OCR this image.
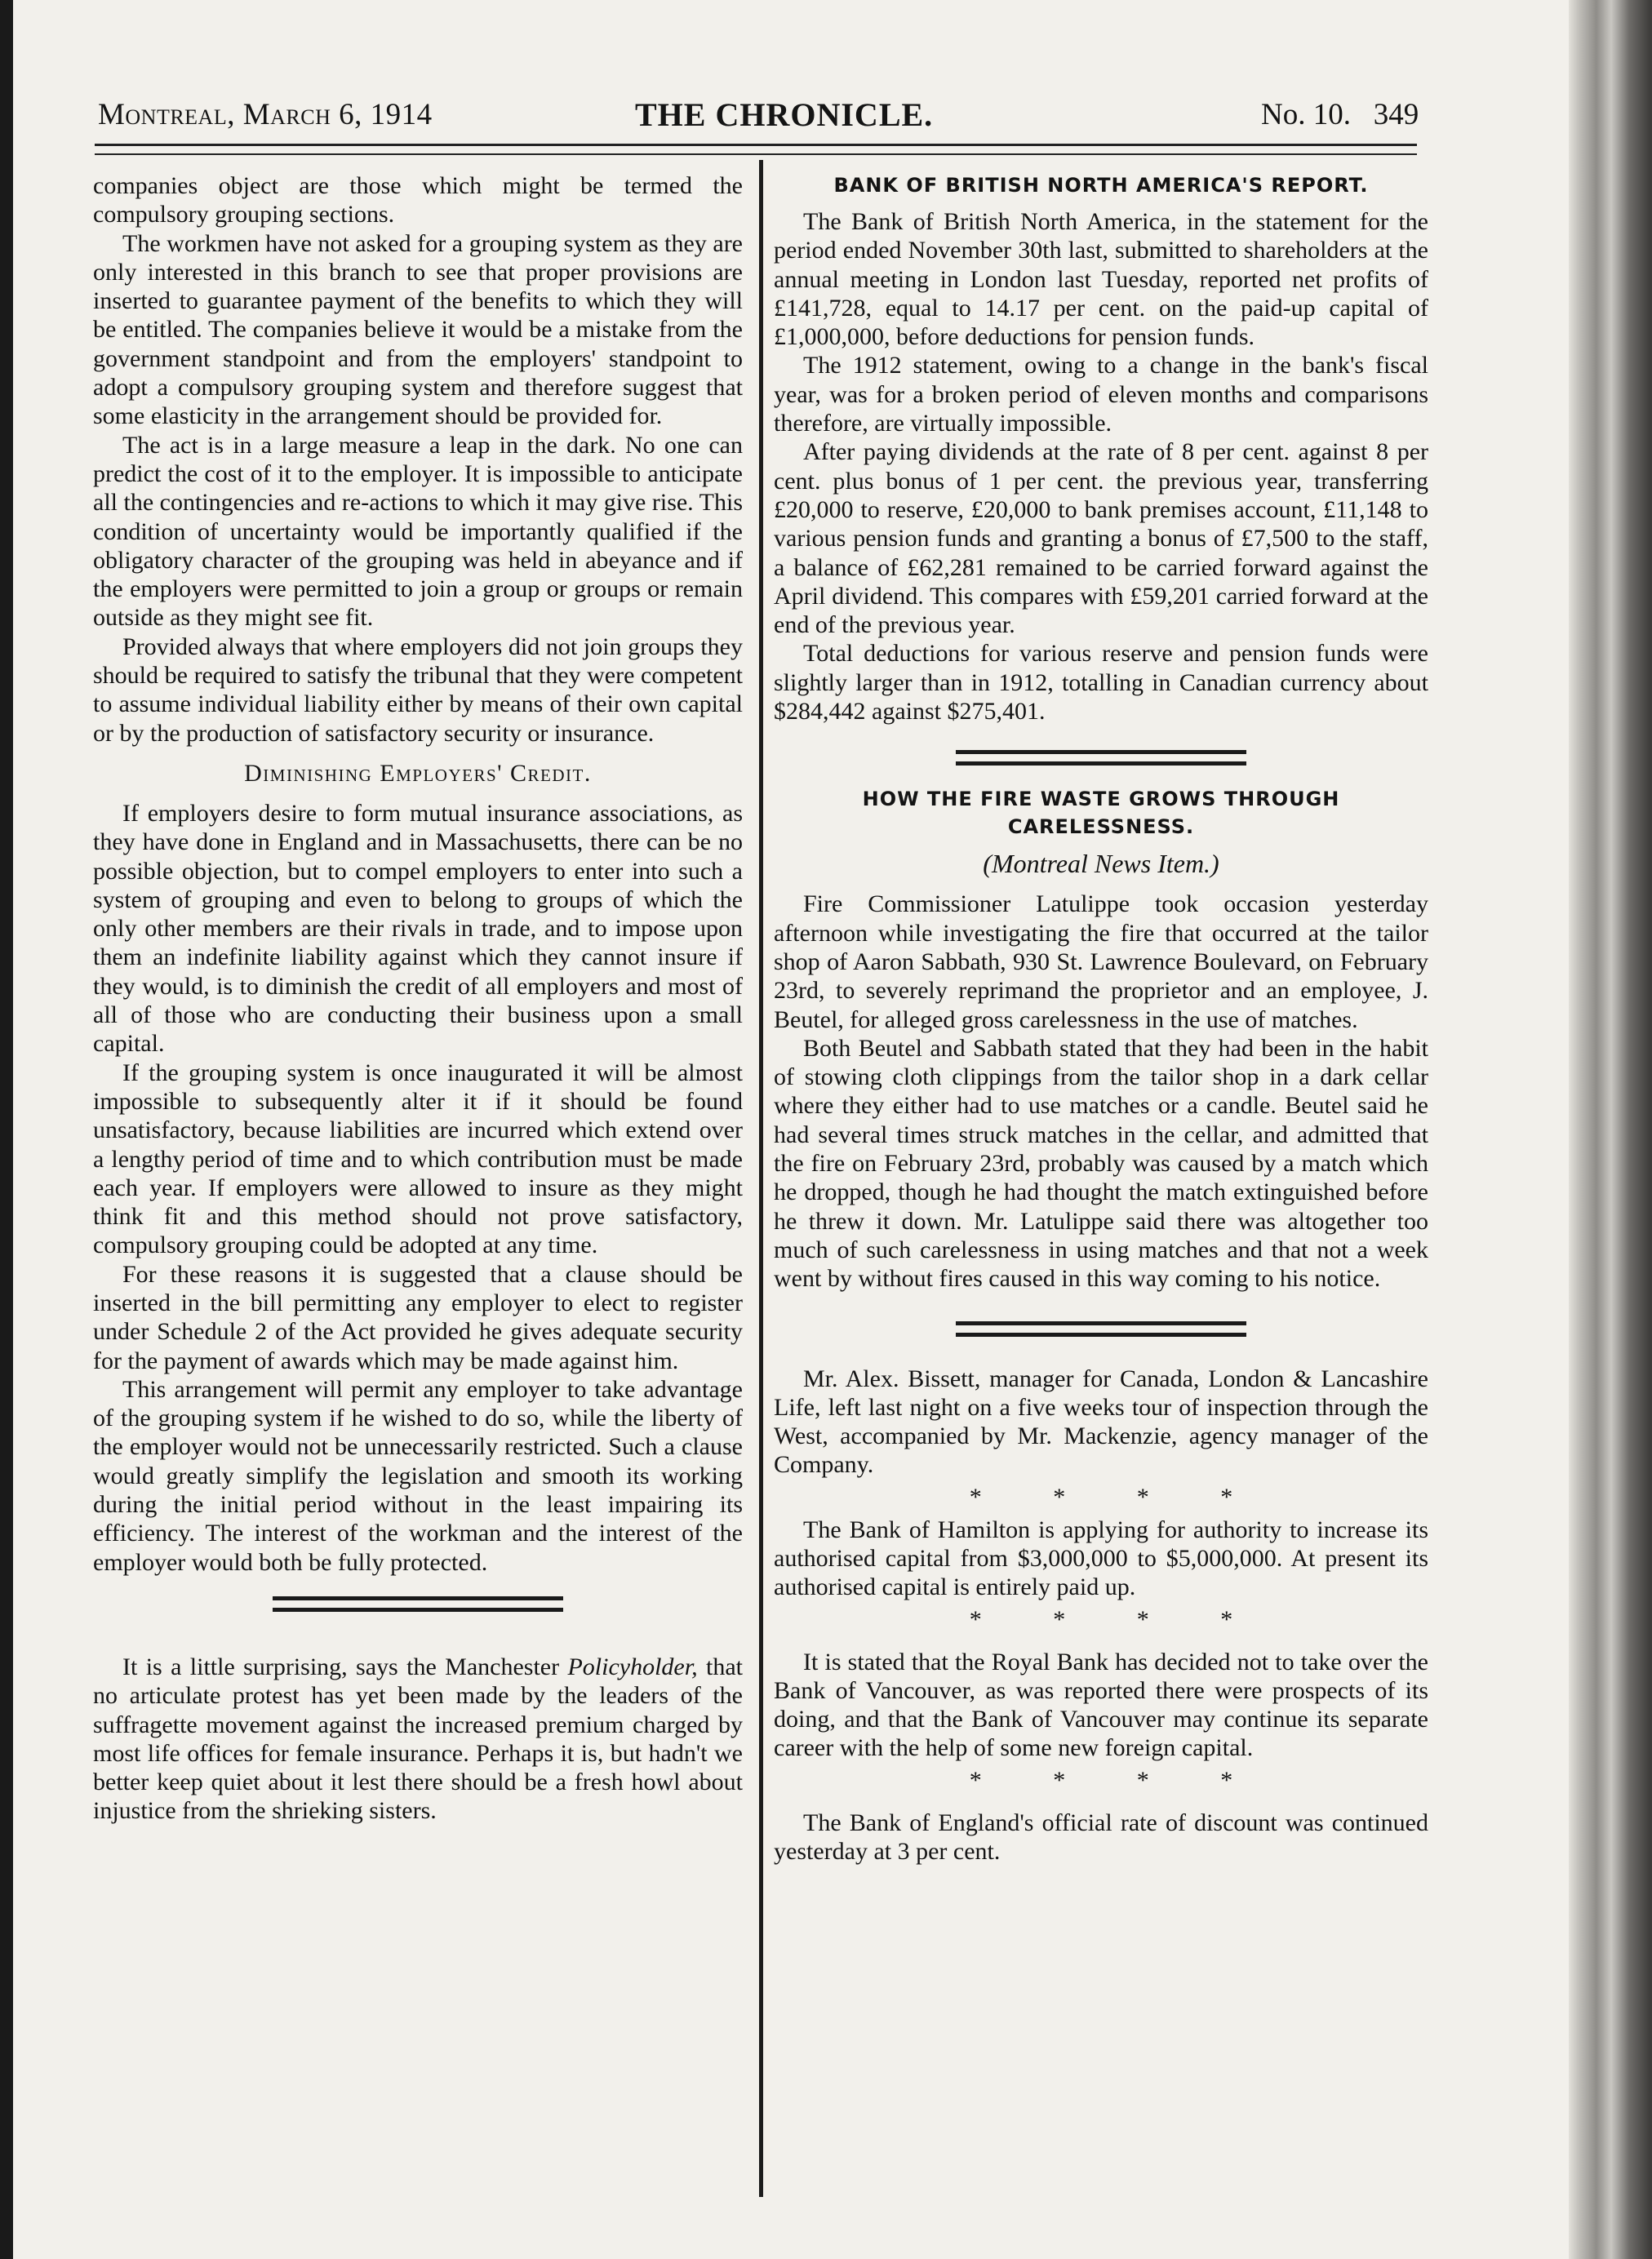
Montreal, March 6, 1914	THE CHRONICLE.	No. 10.   349

companies object are those which might be termed the compulsory grouping sections.

The workmen have not asked for a grouping system as they are only interested in this branch to see that proper provisions are inserted to guarantee payment of the benefits to which they will be entitled. The companies believe it would be a mistake from the government standpoint and from the employers' standpoint to adopt a compulsory grouping system and therefore suggest that some elasticity in the arrangement should be provided for.

The act is in a large measure a leap in the dark. No one can predict the cost of it to the employer. It is impossible to anticipate all the contingencies and re-actions to which it may give rise. This condition of uncertainty would be importantly qualified if the obligatory character of the grouping was held in abeyance and if the employers were permitted to join a group or groups or remain outside as they might see fit.

Provided always that where employers did not join groups they should be required to satisfy the tribunal that they were competent to assume individual liability either by means of their own capital or by the production of satisfactory security or insurance.

Diminishing Employers' Credit.

If employers desire to form mutual insurance associations, as they have done in England and in Massachusetts, there can be no possible objection, but to compel employers to enter into such a system of grouping and even to belong to groups of which the only other members are their rivals in trade, and to impose upon them an indefinite liability against which they cannot insure if they would, is to diminish the credit of all employers and most of all of those who are conducting their business upon a small capital.

If the grouping system is once inaugurated it will be almost impossible to subsequently alter it if it should be found unsatisfactory, because liabilities are incurred which extend over a lengthy period of time and to which contribution must be made each year. If employers were allowed to insure as they might think fit and this method should not prove satisfactory, compulsory grouping could be adopted at any time.

For these reasons it is suggested that a clause should be inserted in the bill permitting any employer to elect to register under Schedule 2 of the Act provided he gives adequate security for the payment of awards which may be made against him.

This arrangement will permit any employer to take advantage of the grouping system if he wished to do so, while the liberty of the employer would not be unnecessarily restricted. Such a clause would greatly simplify the legislation and smooth its working during the initial period without in the least impairing its efficiency. The interest of the workman and the interest of the employer would both be fully protected.

It is a little surprising, says the Manchester Policyholder, that no articulate protest has yet been made by the leaders of the suffragette movement against the increased premium charged by most life offices for female insurance. Perhaps it is, but hadn't we better keep quiet about it lest there should be a fresh howl about injustice from the shrieking sisters.

BANK OF BRITISH NORTH AMERICA'S REPORT.

The Bank of British North America, in the statement for the period ended November 30th last, submitted to shareholders at the annual meeting in London last Tuesday, reported net profits of £141,728, equal to 14.17 per cent. on the paid-up capital of £1,000,000, before deductions for pension funds.

The 1912 statement, owing to a change in the bank's fiscal year, was for a broken period of eleven months and comparisons therefore, are virtually impossible.

After paying dividends at the rate of 8 per cent. against 8 per cent. plus bonus of 1 per cent. the previous year, transferring £20,000 to reserve, £20,000 to bank premises account, £11,148 to various pension funds and granting a bonus of £7,500 to the staff, a balance of £62,281 remained to be carried forward against the April dividend. This compares with £59,201 carried forward at the end of the previous year.

Total deductions for various reserve and pension funds were slightly larger than in 1912, totalling in Canadian currency about $284,442 against $275,401.

HOW THE FIRE WASTE GROWS THROUGH CARELESSNESS.
(Montreal News Item.)

Fire Commissioner Latulippe took occasion yesterday afternoon while investigating the fire that occurred at the tailor shop of Aaron Sabbath, 930 St. Lawrence Boulevard, on February 23rd, to severely reprimand the proprietor and an employee, J. Beutel, for alleged gross carelessness in the use of matches.

Both Beutel and Sabbath stated that they had been in the habit of stowing cloth clippings from the tailor shop in a dark cellar where they either had to use matches or a candle. Beutel said he had several times struck matches in the cellar, and admitted that the fire on February 23rd, probably was caused by a match which he dropped, though he had thought the match extinguished before he threw it down. Mr. Latulippe said there was altogether too much of such carelessness in using matches and that not a week went by without fires caused in this way coming to his notice.

Mr. Alex. Bissett, manager for Canada, London & Lancashire Life, left last night on a five weeks tour of inspection through the West, accompanied by Mr. Mackenzie, agency manager of the Company.

* * * *

The Bank of Hamilton is applying for authority to increase its authorised capital from $3,000,000 to $5,000,000. At present its authorised capital is entirely paid up.

* * * *

It is stated that the Royal Bank has decided not to take over the Bank of Vancouver, as was reported there were prospects of its doing, and that the Bank of Vancouver may continue its separate career with the help of some new foreign capital.

* * * *

The Bank of England's official rate of discount was continued yesterday at 3 per cent.
